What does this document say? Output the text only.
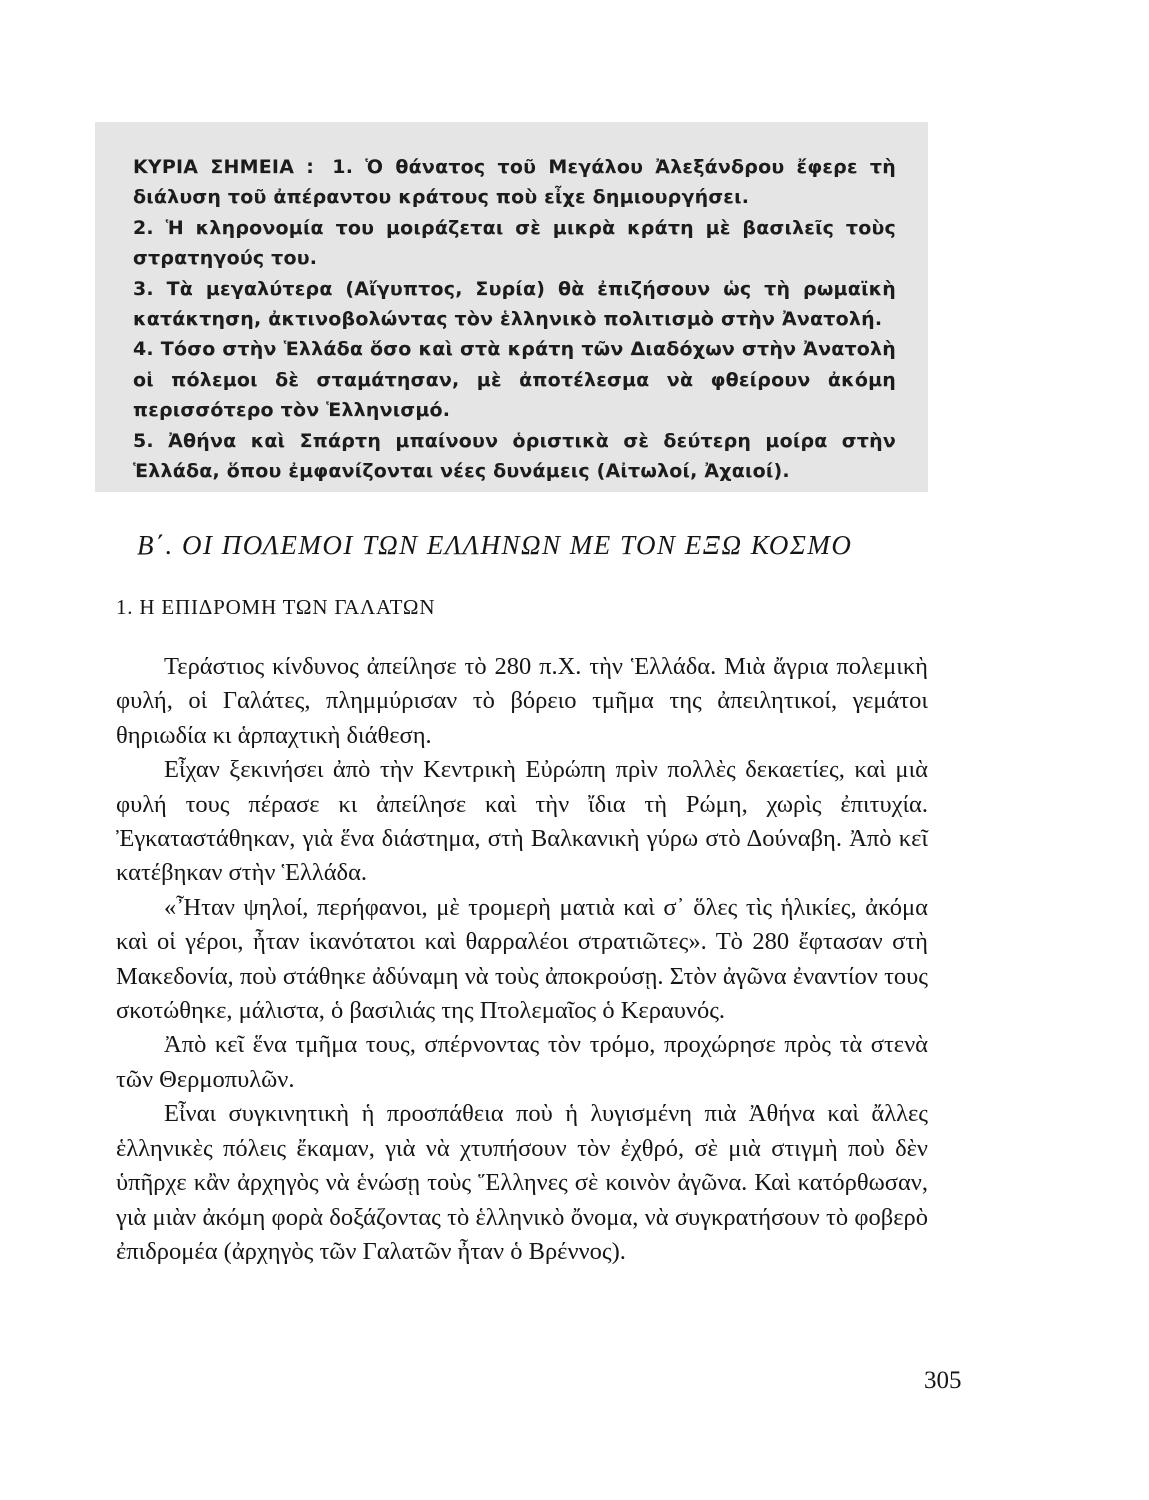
ΚΥΡΙΑ ΣΗΜΕΙΑ : 1. Ὁ θάνατος τοῦ Μεγάλου Ἀλεξάνδρου ἔφερε τὴ διάλυση τοῦ ἀπέραντου κράτους ποὺ εἶχε δημιουργήσει.

2. Ἡ κληρονομία του μοιράζεται σὲ μικρὰ κράτη μὲ βασιλεῖς τοὺς στρατηγούς του.

3. Τὰ μεγαλύτερα (Αἴγυπτος, Συρία) θὰ ἐπιζήσουν ὡς τὴ ρωμαϊκὴ κατάκτηση, ἀκτινοβολώντας τὸν ἑλληνικὸ πολιτισμὸ στὴν Ἀνατολή.

4. Τόσο στὴν Ἑλλάδα ὅσο καὶ στὰ κράτη τῶν Διαδόχων στὴν Ἀνατολὴ οἱ πόλεμοι δὲ σταμάτησαν, μὲ ἀποτέλεσμα νὰ φθείρουν ἀκόμη περισσότερο τὸν Ἑλληνισμό.

5. Ἀθήνα καὶ Σπάρτη μπαίνουν ὁριστικὰ σὲ δεύτερη μοίρα στὴν Ἑλλάδα, ὅπου ἐμφανίζονται νέες δυνάμεις (Αἰτωλοί, Ἀχαιοί).

Β΄. ΟΙ ΠΟΛΕΜΟΙ ΤΩΝ ΕΛΛΗΝΩΝ ΜΕ ΤΟΝ ΕΞΩ ΚΟΣΜΟ
1. Η ΕΠΙΔΡΟΜΗ ΤΩΝ ΓΑΛΑΤΩΝ

Τεράστιος κίνδυνος ἀπείλησε τὸ 280 π.Χ. τὴν Ἑλλάδα. Μιὰ ἄγρια πολεμικὴ φυλή, οἱ Γαλάτες, πλημμύρισαν τὸ βόρειο τμῆμα της ἀπειλητικοί, γεμάτοι θηριωδία κι ἁρπαχτικὴ διάθεση.

Εἶχαν ξεκινήσει ἀπὸ τὴν Κεντρικὴ Εὐρώπη πρὶν πολλὲς δεκαετίες, καὶ μιὰ φυλή τους πέρασε κι ἀπείλησε καὶ τὴν ἴδια τὴ Ρώμη, χωρὶς ἐπιτυχία. Ἐγκαταστάθηκαν, γιὰ ἕνα διάστημα, στὴ Βαλκανικὴ γύρω στὸ Δούναβη. Ἀπὸ κεῖ κατέβηκαν στὴν Ἑλλάδα.

«Ἦταν ψηλοί, περήφανοι, μὲ τρομερὴ ματιὰ καὶ σ᾽ ὅλες τὶς ἡλικίες, ἀκόμα καὶ οἱ γέροι, ἦταν ἱκανότατοι καὶ θαρραλέοι στρατιῶτες». Τὸ 280 ἔφτασαν στὴ Μακεδονία, ποὺ στάθηκε ἀδύναμη νὰ τοὺς ἀποκρούσῃ. Στὸν ἀγῶνα ἐναντίον τους σκοτώθηκε, μάλιστα, ὁ βασιλιάς της Πτολεμαῖος ὁ Κεραυνός.

Ἀπὸ κεῖ ἕνα τμῆμα τους, σπέρνοντας τὸν τρόμο, προχώρησε πρὸς τὰ στενὰ τῶν Θερμοπυλῶν.

Εἶναι συγκινητικὴ ἡ προσπάθεια ποὺ ἡ λυγισμένη πιὰ Ἀθήνα καὶ ἄλλες ἑλληνικὲς πόλεις ἔκαμαν, γιὰ νὰ χτυπήσουν τὸν ἐχθρό, σὲ μιὰ στιγμὴ ποὺ δὲν ὑπῆρχε κἂν ἀρχηγὸς νὰ ἑνώσῃ τοὺς Ἕλληνες σὲ κοινὸν ἀγῶνα. Καὶ κατόρθωσαν, γιὰ μιὰν ἀκόμη φορὰ δοξάζοντας τὸ ἑλληνικὸ ὄνομα, νὰ συγκρατήσουν τὸ φοβερὸ ἐπιδρομέα (ἀρχηγὸς τῶν Γαλατῶν ἦταν ὁ Βρέννος).

305
